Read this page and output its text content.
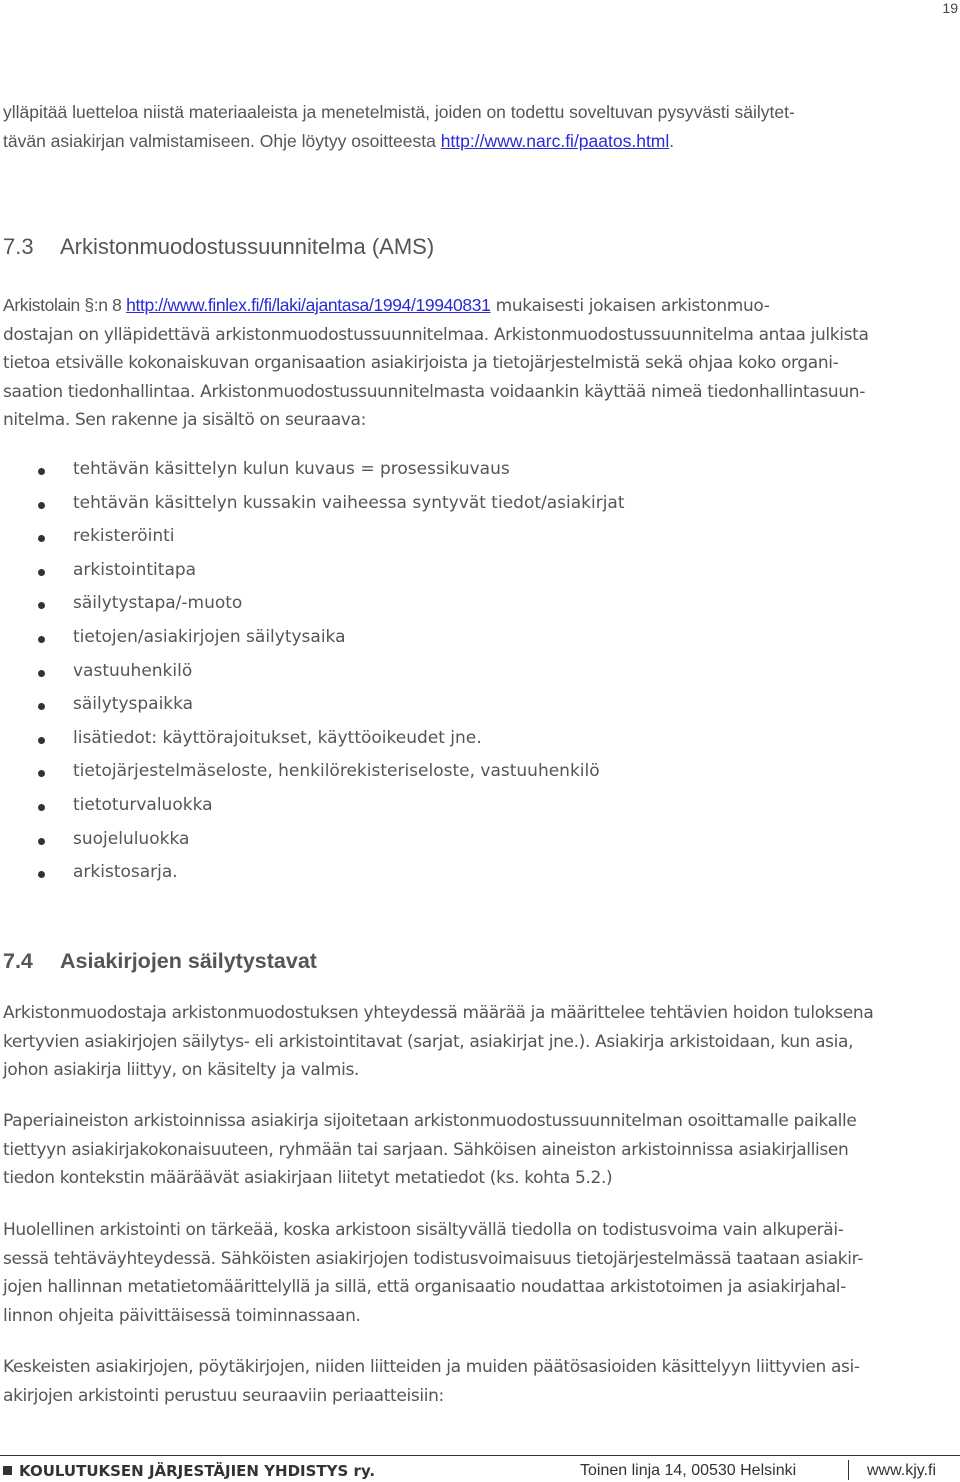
19

ylläpitää luetteloa niistä materiaaleista ja menetelmistä, joiden on todettu soveltuvan pysyvästi säilytet-
tävän asiakirjan valmistamiseen. Ohje löytyy osoitteesta http://www.narc.fi/paatos.html.

7.3 Arkistonmuodostussuunnitelma (AMS)

Arkistolain §:n 8 http://www.finlex.fi/fi/laki/ajantasa/1994/19940831 mukaisesti jokaisen arkistonmuo-
dostajan on ylläpidettävä arkistonmuodostussuunnitelmaa. Arkistonmuodostussuunnitelma antaa julkista
tietoa etsivälle kokonaiskuvan organisaation asiakirjoista ja tietojärjestelmistä sekä ohjaa koko organi-
saation tiedonhallintaa. Arkistonmuodostussuunnitelmasta voidaankin käyttää nimeä tiedonhallintasuun-
nitelma. Sen rakenne ja sisältö on seuraava:

tehtävän käsittelyn kulun kuvaus = prosessikuvaus
tehtävän käsittelyn kussakin vaiheessa syntyvät tiedot/asiakirjat
rekisteröinti
arkistointitapa
säilytystapa/-muoto
tietojen/asiakirjojen säilytysaika
vastuuhenkilö
säilytyspaikka
lisätiedot: käyttörajoitukset, käyttöoikeudet jne.
tietojärjestelmäseloste, henkilörekisteriseloste, vastuuhenkilö
tietoturvaluokka
suojeluluokka
arkistosarja.
7.4 Asiakirjojen säilytystavat

Arkistonmuodostaja arkistonmuodostuksen yhteydessä määrää ja määrittelee tehtävien hoidon tuloksena
kertyvien asiakirjojen säilytys- eli arkistointitavat (sarjat, asiakirjat jne.). Asiakirja arkistoidaan, kun asia,
johon asiakirja liittyy, on käsitelty ja valmis.

Paperiaineiston arkistoinnissa asiakirja sijoitetaan arkistonmuodostussuunnitelman osoittamalle paikalle
tiettyyn asiakirjakokonaisuuteen, ryhmään tai sarjaan. Sähköisen aineiston arkistoinnissa asiakirjallisen
tiedon kontekstin määräävät asiakirjaan liitetyt metatiedot (ks. kohta 5.2.)

Huolellinen arkistointi on tärkeää, koska arkistoon sisältyvällä tiedolla on todistusvoima vain alkuperäi-
sessä tehtäväyhteydessä. Sähköisten asiakirjojen todistusvoimaisuus tietojärjestelmässä taataan asiakir-
jojen hallinnan metatietomäärittelyllä ja sillä, että organisaatio noudattaa arkistotoimen ja asiakirjahal-
linnon ohjeita päivittäisessä toiminnassaan.

Keskeisten asiakirjojen, pöytäkirjojen, niiden liitteiden ja muiden päätösasioiden käsittelyyn liittyvien asi-
akirjojen arkistointi perustuu seuraaviin periaatteisiin:

KOULUTUKSEN JÄRJESTÄJIEN YHDISTYS ry.	Toinen linja 14, 00530 Helsinki	www.kjy.fi
